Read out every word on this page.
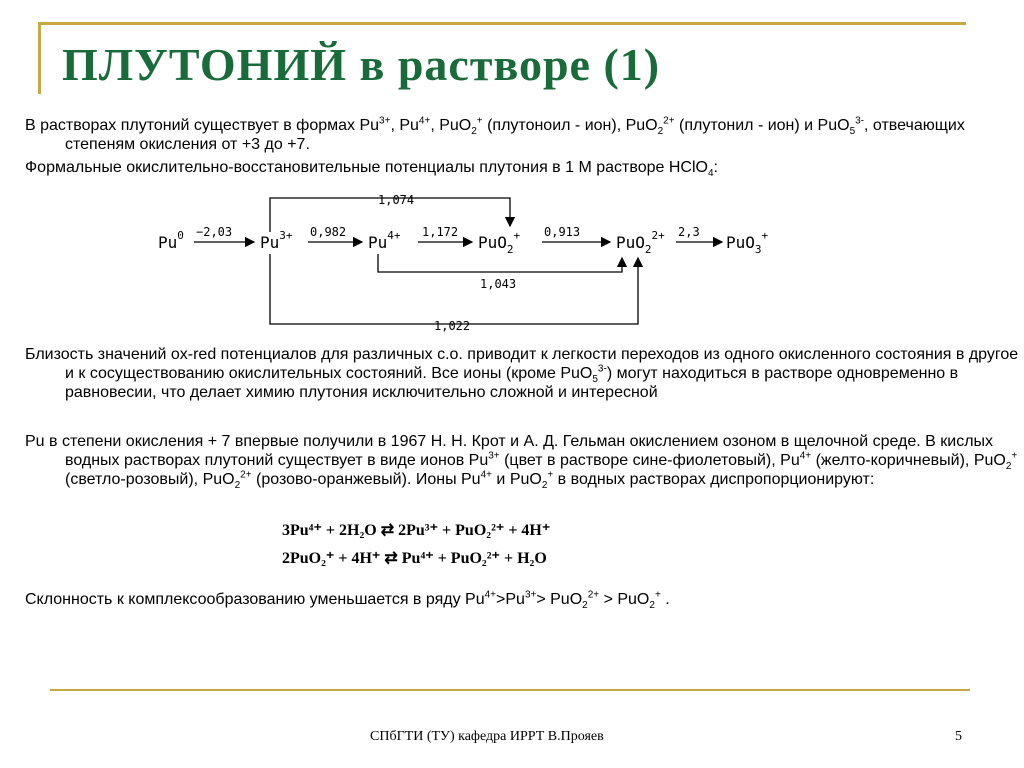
ПЛУТОНИЙ в растворе (1)
В растворах плутоний существует в формах $Pu^{3+}$, $Pu^{4+}$, PuO$_2$+ (плутоноил - ион), PuO$_2^{2+}$ (плутонил - ион) и PuO$_5^{3-}$, отвечающих степеням окисления от +3 до +7.
Формальные окислительно-восстановительные потенциалы плутония в 1 М растворе HClO$_4$:
Pu$^0$	$Pu^{3+}$	$Pu^{4+}$	PuO$_2$+	PuO$_2^{2+}$	PuO$_3$+
−2,03	0,982	1,172	0,913	2,3
1,074
1,043
1,022
Близость значений ox-red потенциалов для различных с.о. приводит к легкости переходов из одного окисленного состояния в другое и к сосуществованию окислительных состояний. Все ионы (кроме PuO$_5^{3-}$) могут находиться в растворе одновременно в равновесии, что делает химию плутония исключительно сложной и интересной
Pu в степени окисления + 7 впервые получили в 1967 Н. Н. Крот и А. Д. Гельман окислением озоном в щелочной среде. В кислых водных растворах плутоний существует в виде ионов $Pu^{3+}$ (цвет в растворе сине-фиолетовый), $Pu^{4+}$ (желто-коричневый), PuO$_2$+ (светло-розовый), PuO$_2^{2+}$ (розово-оранжевый). Ионы $Pu^{4+}$ и PuO$_2$+ в водных растворах диспропорционируют:
3Pu⁴⁺ + 2H₂O ⇄ 2Pu³⁺ + PuO₂²⁺ + 4H⁺
2PuO₂⁺ + 4H⁺ ⇄ Pu⁴⁺ + PuO₂²⁺ + H₂O
Склонность к комплексообразованию уменьшается в ряду $Pu^{4+}>Pu^{3+}> PuO_2^{2+} > PuO_2^+$ .
СПбГТИ (ТУ) кафедра ИРРТ В.Прояев	5
